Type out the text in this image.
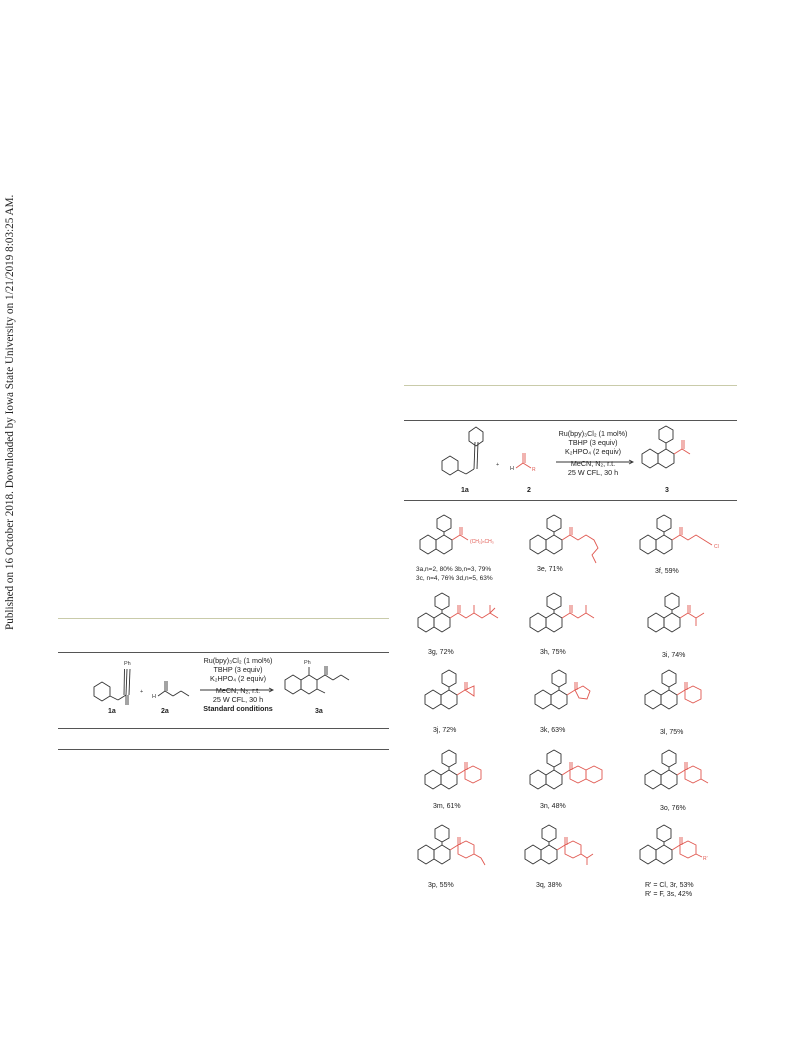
Published on 16 October 2018. Downloaded by Iowa State University on 1/21/2019 8:03:25 AM.
Ph
+
H
Ph
1a	2a	3a
Ru(bpy)₃Cl₂ (1 mol%)
TBHP (3 equiv)
K₂HPO₄ (2 equiv)
MeCN, N₂, r.t.
25 W CFL, 30 h
Standard conditions
+
H	R
1a	2	3
Ru(bpy)₃Cl₂ (1 mol%)
TBHP (3 equiv)
K₂HPO₄ (2 equiv)
MeCN, N₂, r.t.
25 W CFL, 30 h
(CH₂)ₙCH₃
3a,n=2, 80% 3b,n=3, 79%
3c, n=4, 76% 3d,n=5, 63%
3e, 71%
Cl
3f, 59%
3g, 72%	3h, 75%	3i, 74%
3j, 72%	3k, 63%	3l, 75%
3m, 61%	3n, 48%	3o, 76%
3p, 55%	3q, 38%
R'
R' = Cl, 3r, 53%
R' = F, 3s, 42%
